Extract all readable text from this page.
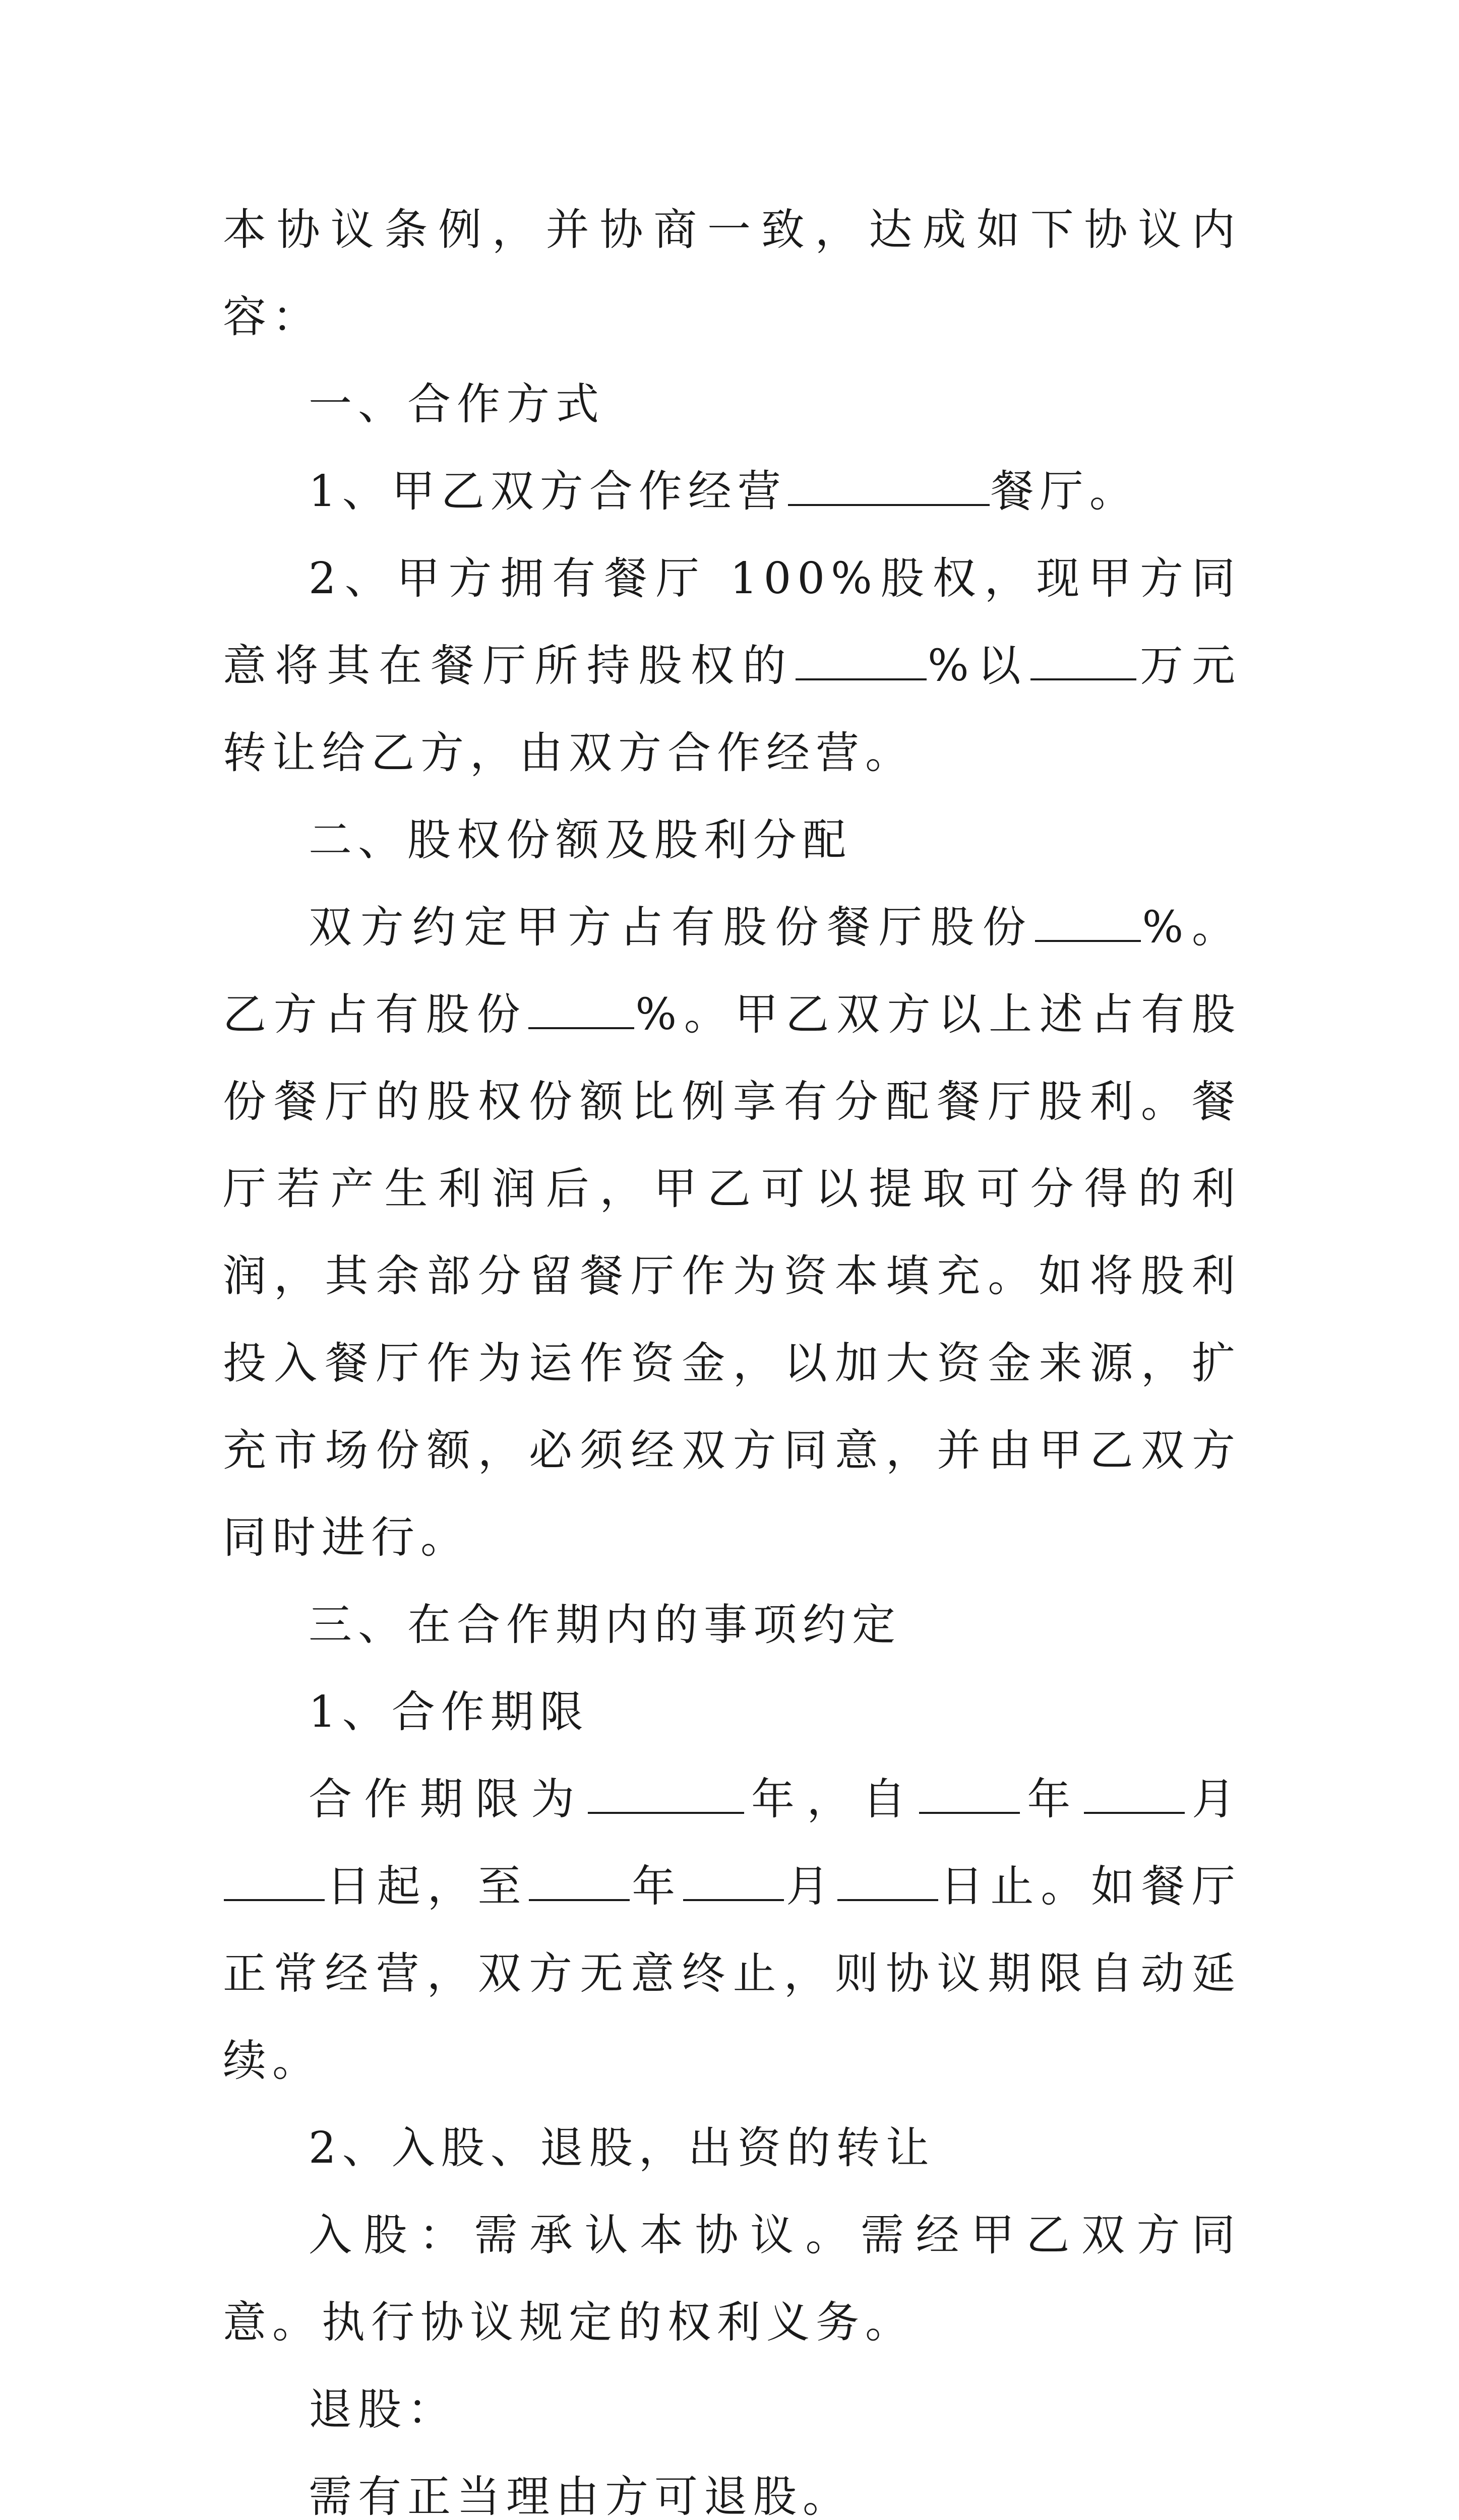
本协议条例，并协商一致，达成如下协议内容：

一、合作方式

1、甲乙双方合作经营	餐厅。

2、甲方拥有餐厅 100%股权，现甲方同意将其在餐厅所持股权的	%以 万元转让给乙方，由双方合作经营。

二、股权份额及股利分配

双方约定甲方占有股份餐厅股份 %。乙方占有股份 %。甲乙双方以上述占有股份餐厅的股权份额比例享有分配餐厅股利。餐厅若产生利润后，甲乙可以提取可分得的利润，其余部分留餐厅作为资本填充。如将股利投入餐厅作为运作资金，以加大资金来源，扩充市场份额，必须经双方同意，并由甲乙双方同时进行。

三、在合作期内的事项约定

1、合作期限

合作期限为	年，自 年 月日起，至 年 月 日止。如餐厅正常经营，双方无意终止，则协议期限自动延续。

2、入股、退股，出资的转让

入股：需承认本协议。需经甲乙双方同意。执行协议规定的权利义务。

退股：

需有正当理由方可退股。
